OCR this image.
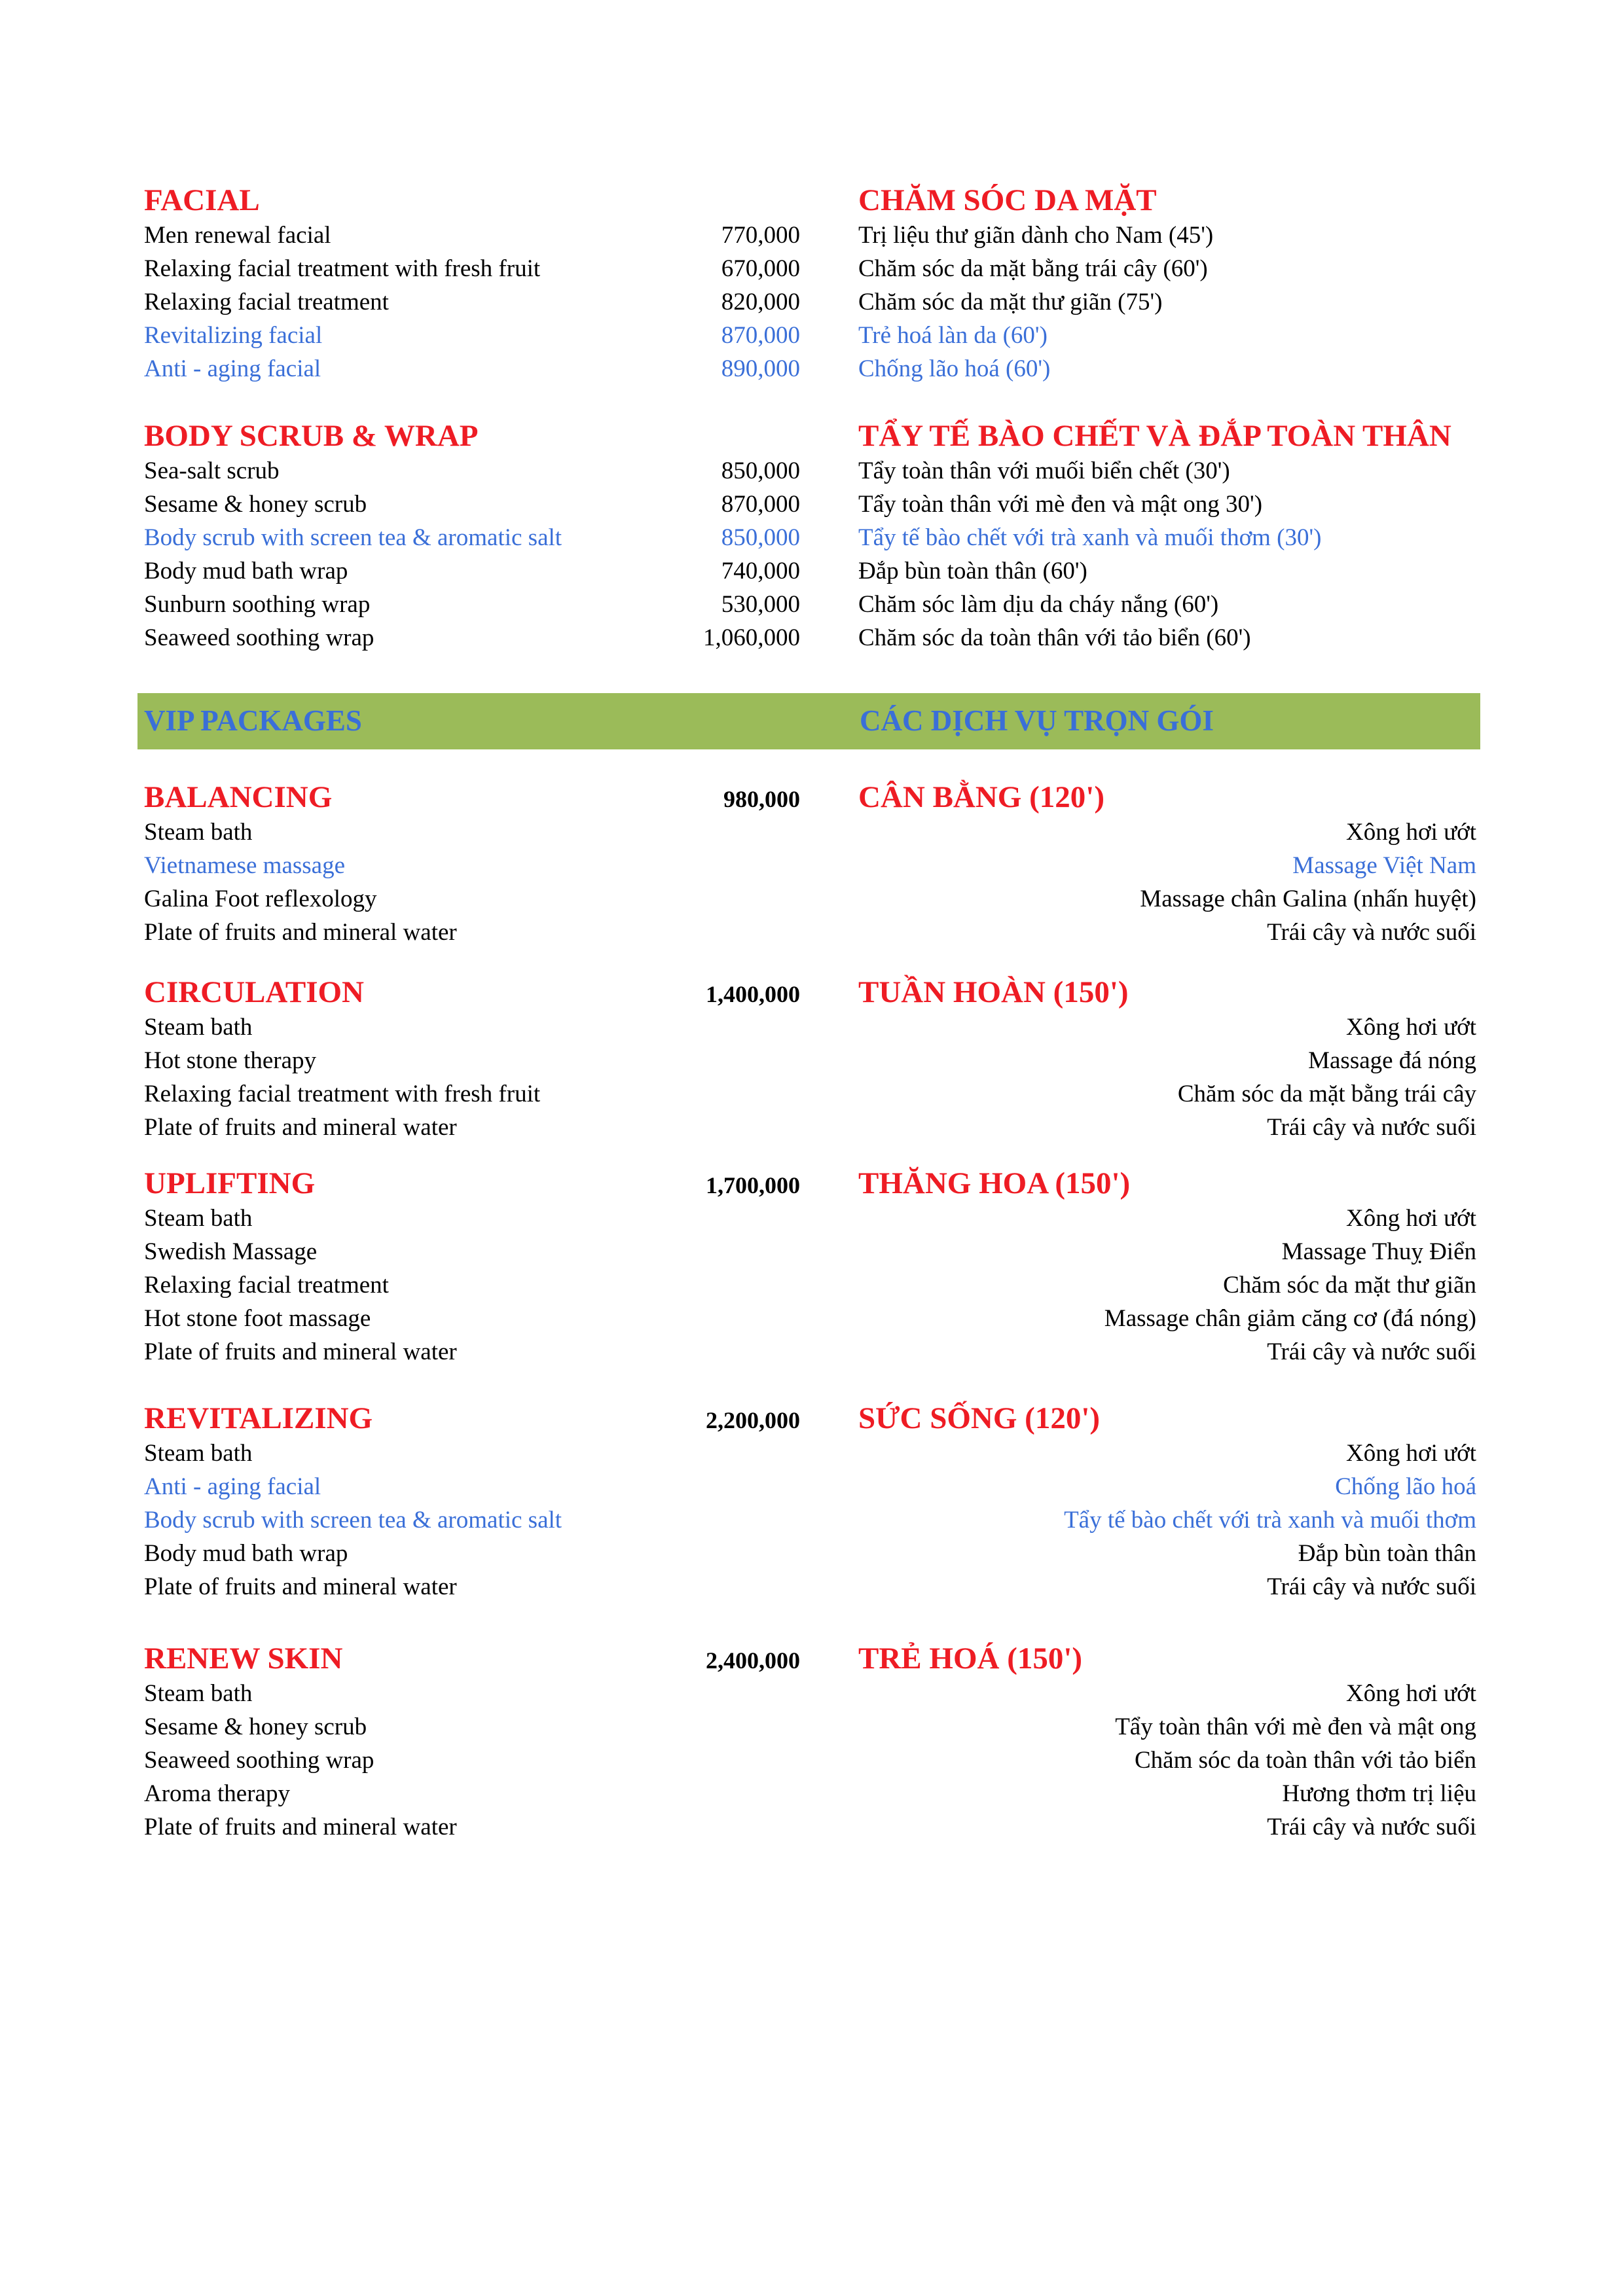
VIP PACKAGES	CÁC DỊCH VỤ TRỌN GÓI
FACIAL	CHĂM SÓC DA MẶT
Men renewal facial	770,000 Trị liệu thư giãn dành cho Nam (45')
Relaxing facial treatment with fresh fruit	670,000 Chăm sóc da mặt bằng trái cây (60')
Relaxing facial treatment	820,000 Chăm sóc da mặt thư giãn (75')
Revitalizing facial	870,000 Trẻ hoá làn da (60')
Anti - aging facial	890,000 Chống lão hoá (60')
BODY SCRUB & WRAP	TẨY TẾ BÀO CHẾT VÀ ĐẮP TOÀN THÂN
Sea-salt scrub	850,000 Tẩy toàn thân với muối biển chết (30')
Sesame & honey scrub	870,000 Tẩy toàn thân với mè đen và mật ong 30')
Body scrub with screen tea & aromatic salt	850,000 Tẩy tế bào chết với trà xanh và muối thơm (30')
Body mud bath wrap	740,000 Đắp bùn toàn thân (60')
Sunburn soothing wrap	530,000 Chăm sóc làm dịu da cháy nắng (60')
Seaweed soothing wrap	1,060,000 Chăm sóc da toàn thân với tảo biển (60')
BALANCING	980,000 CÂN BẰNG (120')
Steam bath	Xông hơi ướt
Vietnamese massage	Massage Việt Nam
Galina Foot reflexology	Massage chân Galina (nhấn huyệt)
Plate of fruits and mineral water	Trái cây và nước suối
CIRCULATION	1,400,000 TUẦN HOÀN (150')
Steam bath	Xông hơi ướt
Hot stone therapy	Massage đá nóng
Relaxing facial treatment with fresh fruit	Chăm sóc da mặt bằng trái cây
Plate of fruits and mineral water	Trái cây và nước suối
UPLIFTING	1,700,000 THĂNG HOA (150')
Steam bath	Xông hơi ướt
Swedish Massage	Massage Thuỵ Điển
Relaxing facial treatment	Chăm sóc da mặt thư giãn
Hot stone foot massage	Massage chân giảm căng cơ (đá nóng)
Plate of fruits and mineral water	Trái cây và nước suối
REVITALIZING	2,200,000 SỨC SỐNG (120')
Steam bath	Xông hơi ướt
Anti - aging facial	Chống lão hoá
Body scrub with screen tea & aromatic salt	Tẩy tế bào chết với trà xanh và muối thơm
Body mud bath wrap	Đắp bùn toàn thân
Plate of fruits and mineral water	Trái cây và nước suối
RENEW SKIN	2,400,000 TRẺ HOÁ (150')
Steam bath	Xông hơi ướt
Sesame & honey scrub	Tẩy toàn thân với mè đen và mật ong
Seaweed soothing wrap	Chăm sóc da toàn thân với tảo biển
Aroma therapy	Hương thơm trị liệu
Plate of fruits and mineral water	Trái cây và nước suối
